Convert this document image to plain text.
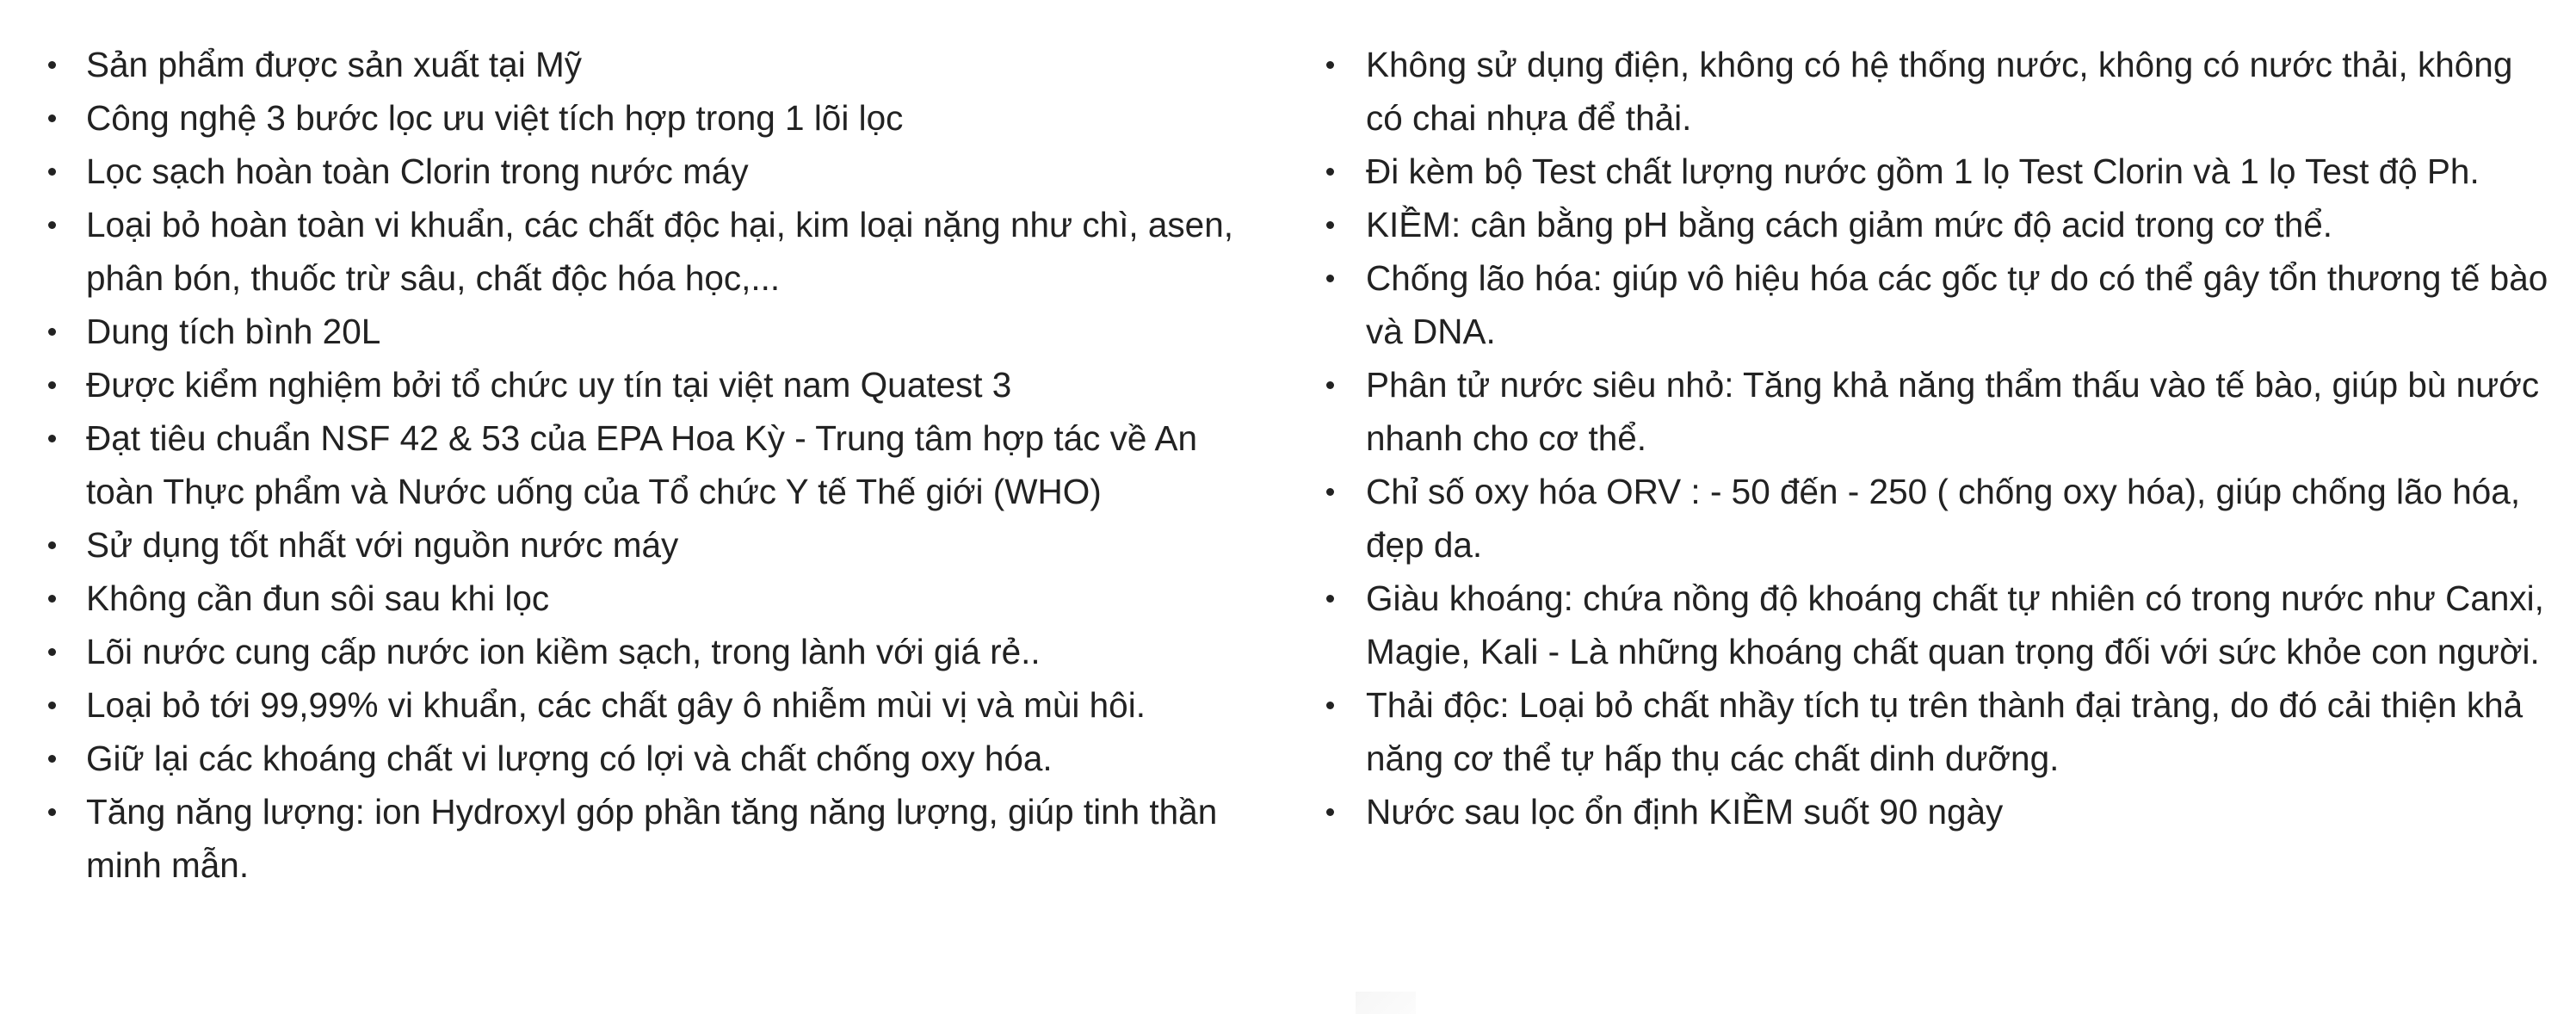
Sản phẩm được sản xuất tại Mỹ
Công nghệ 3 bước lọc ưu việt tích hợp trong 1 lõi lọc
Lọc sạch hoàn toàn Clorin trong nước máy
Loại bỏ hoàn toàn vi khuẩn, các chất độc hại, kim loại nặng như chì, asen, phân bón, thuốc trừ sâu, chất độc hóa học,...
Dung tích bình 20L
Được kiểm nghiệm bởi tổ chức uy tín tại việt nam Quatest 3
Đạt tiêu chuẩn NSF 42 & 53 của EPA Hoa Kỳ - Trung tâm hợp tác về An toàn Thực phẩm và Nước uống của Tổ chức Y tế Thế giới (WHO)
Sử dụng tốt nhất với nguồn nước máy
Không cần đun sôi sau khi lọc
Lõi nước cung cấp nước ion kiềm sạch, trong lành với giá rẻ..
Loại bỏ tới 99,99% vi khuẩn, các chất gây ô nhiễm mùi vị và mùi hôi.
Giữ lại các khoáng chất vi lượng có lợi và chất chống oxy hóa.
Tăng năng lượng: ion Hydroxyl góp phần tăng năng lượng, giúp tinh thần minh mẫn.
Không sử dụng điện, không có hệ thống nước, không có nước thải, không có chai nhựa để thải.
Đi kèm bộ Test chất lượng nước gồm 1 lọ Test Clorin và 1 lọ Test độ Ph.
KIỀM: cân bằng pH bằng cách giảm mức độ acid trong cơ thể.
Chống lão hóa: giúp vô hiệu hóa các gốc tự do có thể gây tổn thương tế bào và DNA.
Phân tử nước siêu nhỏ: Tăng khả năng thẩm thấu vào tế bào, giúp bù nước nhanh cho cơ thể.
Chỉ số oxy hóa ORV : - 50 đến - 250 ( chống oxy hóa), giúp chống lão hóa, đẹp da.
Giàu khoáng: chứa nồng độ khoáng chất tự nhiên có trong nước như Canxi, Magie, Kali - Là những khoáng chất quan trọng đối với sức khỏe con người.
Thải độc: Loại bỏ chất nhầy tích tụ trên thành đại tràng, do đó cải thiện khả năng cơ thể tự hấp thụ các chất dinh dưỡng.
Nước sau lọc ổn định KIỀM suốt 90 ngày
